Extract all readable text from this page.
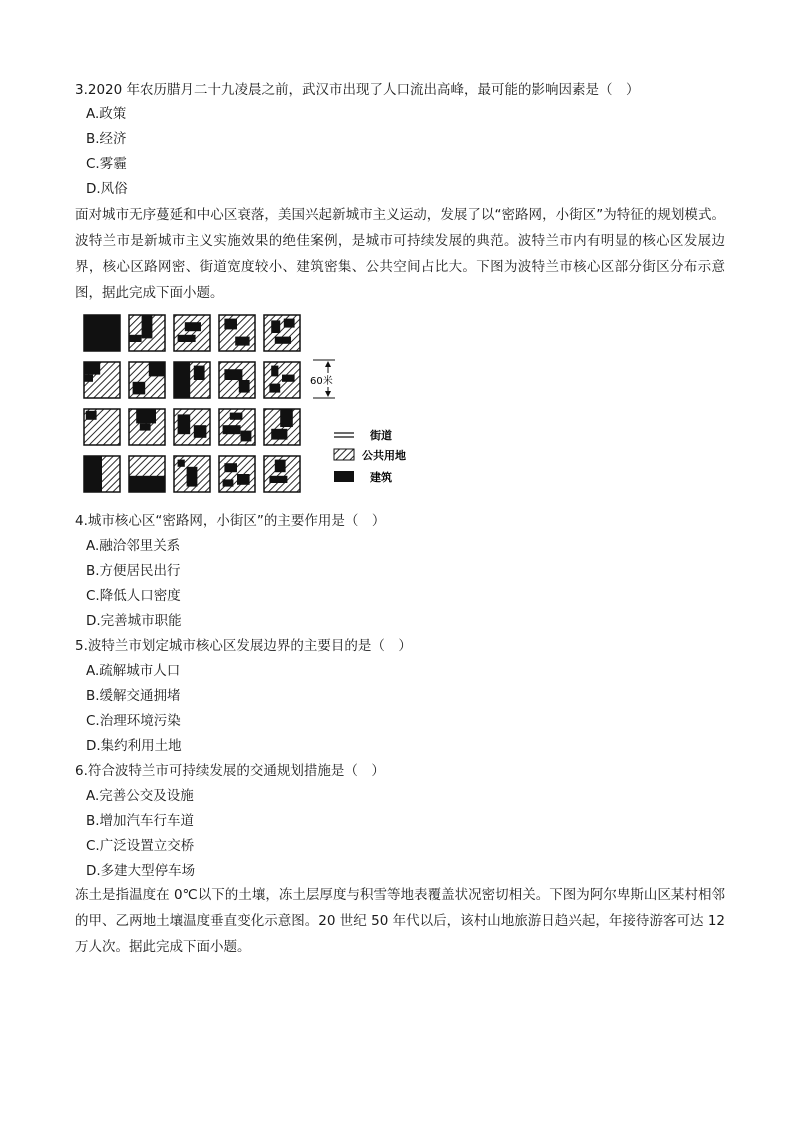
3.2020 年农历腊月二十九凌晨之前，武汉市出现了人口流出高峰，最可能的影响因素是（　）
A.政策
B.经济
C.雾霾
D.风俗
面对城市无序蔓延和中心区衰落，美国兴起新城市主义运动，发展了以“密路网，小街区”为特征的规划模式。波特兰市是新城市主义实施效果的绝佳案例，是城市可持续发展的典范。波特兰市内有明显的核心区发展边界，核心区路网密、街道宽度较小、建筑密集、公共空间占比大。下图为波特兰市核心区部分街区分布示意图，据此完成下面小题。
60米
街道
公共用地
建筑
4.城市核心区“密路网，小街区”的主要作用是（　）
A.融洽邻里关系
B.方便居民出行
C.降低人口密度
D.完善城市职能
5.波特兰市划定城市核心区发展边界的主要目的是（　）
A.疏解城市人口
B.缓解交通拥堵
C.治理环境污染
D.集约利用土地
6.符合波特兰市可持续发展的交通规划措施是（　）
A.完善公交及设施
B.增加汽车行车道
C.广泛设置立交桥
D.多建大型停车场
冻土是指温度在 0℃以下的土壤，冻土层厚度与积雪等地表覆盖状况密切相关。下图为阿尔卑斯山区某村相邻的甲、乙两地土壤温度垂直变化示意图。20 世纪 50 年代以后，该村山地旅游日趋兴起，年接待游客可达 12 万人次。据此完成下面小题。
